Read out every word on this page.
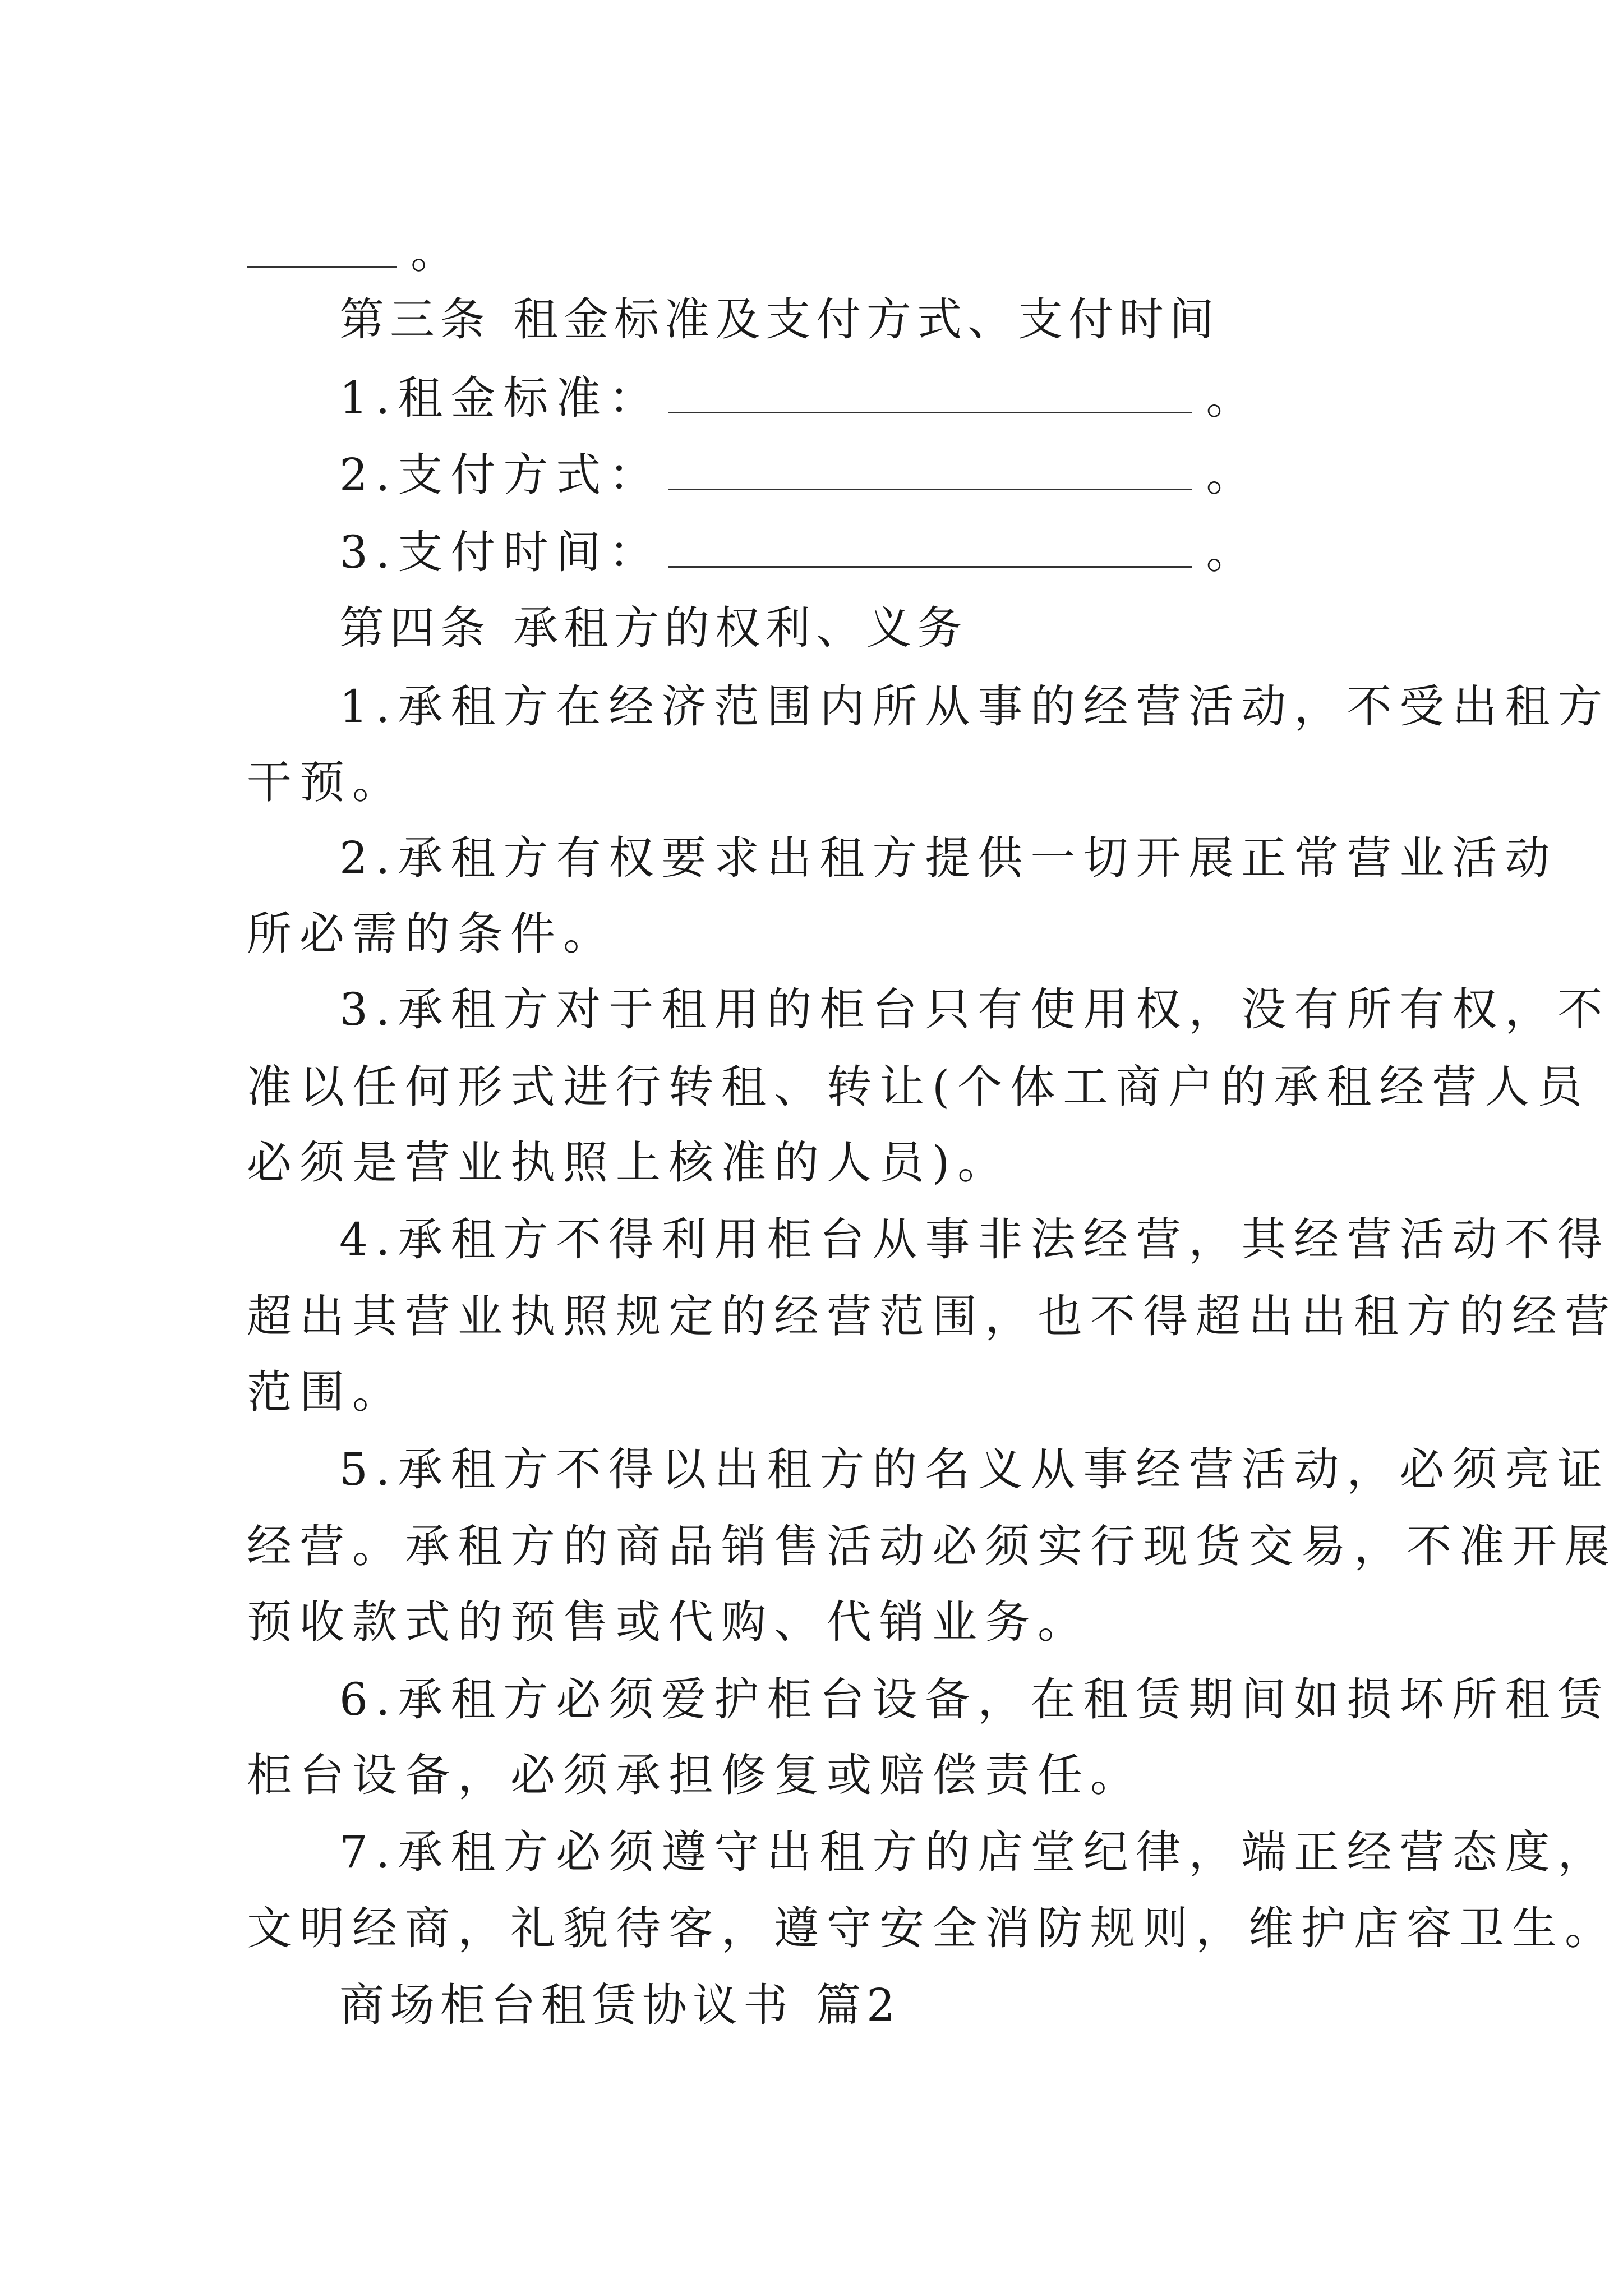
。
第三条 租金标准及支付方式、支付时间
1.租金标准：	。
2.支付方式：	。
3.支付时间：	。
第四条 承租方的权利、义务
1.承租方在经济范围内所从事的经营活动，不受出租方
干预。
2.承租方有权要求出租方提供一切开展正常营业活动
所必需的条件。
3.承租方对于租用的柜台只有使用权，没有所有权，不
准以任何形式进行转租、转让(个体工商户的承租经营人员
必须是营业执照上核准的人员)。
4.承租方不得利用柜台从事非法经营，其经营活动不得
超出其营业执照规定的经营范围，也不得超出出租方的经营
范围。
5.承租方不得以出租方的名义从事经营活动，必须亮证
经营。承租方的商品销售活动必须实行现货交易，不准开展
预收款式的预售或代购、代销业务。
6.承租方必须爱护柜台设备，在租赁期间如损坏所租赁
柜台设备，必须承担修复或赔偿责任。
7.承租方必须遵守出租方的店堂纪律，端正经营态度，
文明经商，礼貌待客，遵守安全消防规则，维护店容卫生。
商场柜台租赁协议书 篇2
